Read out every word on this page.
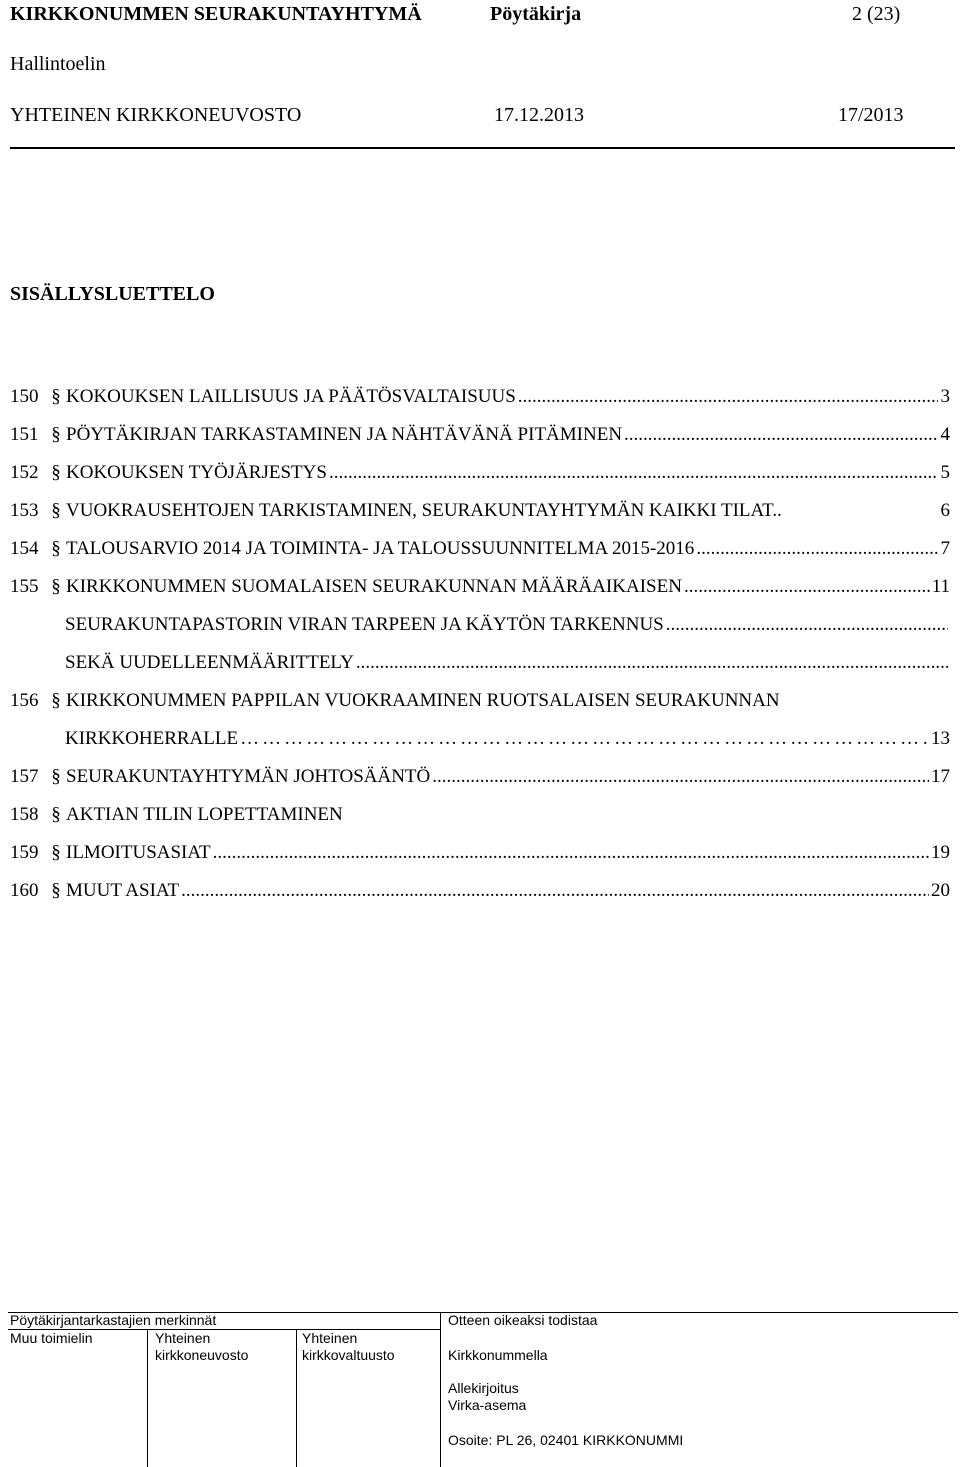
KIRKKONUMMEN SEURAKUNTAYHTYMÄ	Pöytäkirja	2 (23)
Hallintoelin
YHTEINEN KIRKKONEUVOSTO	17.12.2013	17/2013
SISÄLLYSLUETTELO
150 § KOKOUKSEN LAILLISUUS JA PÄÄTÖSVALTAISUUS .....	3
151 § PÖYTÄKIRJAN TARKASTAMINEN JA NÄHTÄVÄNÄ PITÄMINEN .....	4
152 § KOKOUKSEN TYÖJÄRJESTYS .....	5
153 § VUOKRAUSEHTOJEN TARKISTAMINEN, SEURAKUNTAYHTYMÄN KAIKKI TILAT..	6
154 § TALOUSARVIO 2014 JA TOIMINTA- JA TALOUSSUUNNITELMA 2015-2016 .....	7
155 § KIRKKONUMMEN SUOMALAISEN SEURAKUNNAN MÄÄRÄAIKAISEN .....	11
SEURAKUNTAPASTORIN VIRAN TARPEEN JA KÄYTÖN TARKENNUS
.....
SEKÄ UUDELLEENMÄÄRITTELY
.....
156 § KIRKKONUMMEN PAPPILAN VUOKRAAMINEN RUOTSALAISEN SEURAKUNNAN
KIRKKOHERRALLE …………………………………………………………………………………………………………	13
157 § SEURAKUNTAYHTYMÄN JOHTOSÄÄNTÖ .....	17
158 § AKTIAN TILIN LOPETTAMINEN
159 § ILMOITUSASIAT .....	19
160 § MUUT ASIAT .....	20
Pöytäkirjantarkastajien merkinnät
Muu toimielin	Yhteinen
kirkkoneuvosto
Yhteinen
kirkkovaltuusto
Otteen oikeaksi todistaa
Kirkkonummella
Allekirjoitus
Virka-asema
Osoite: PL 26, 02401 KIRKKONUMMI
